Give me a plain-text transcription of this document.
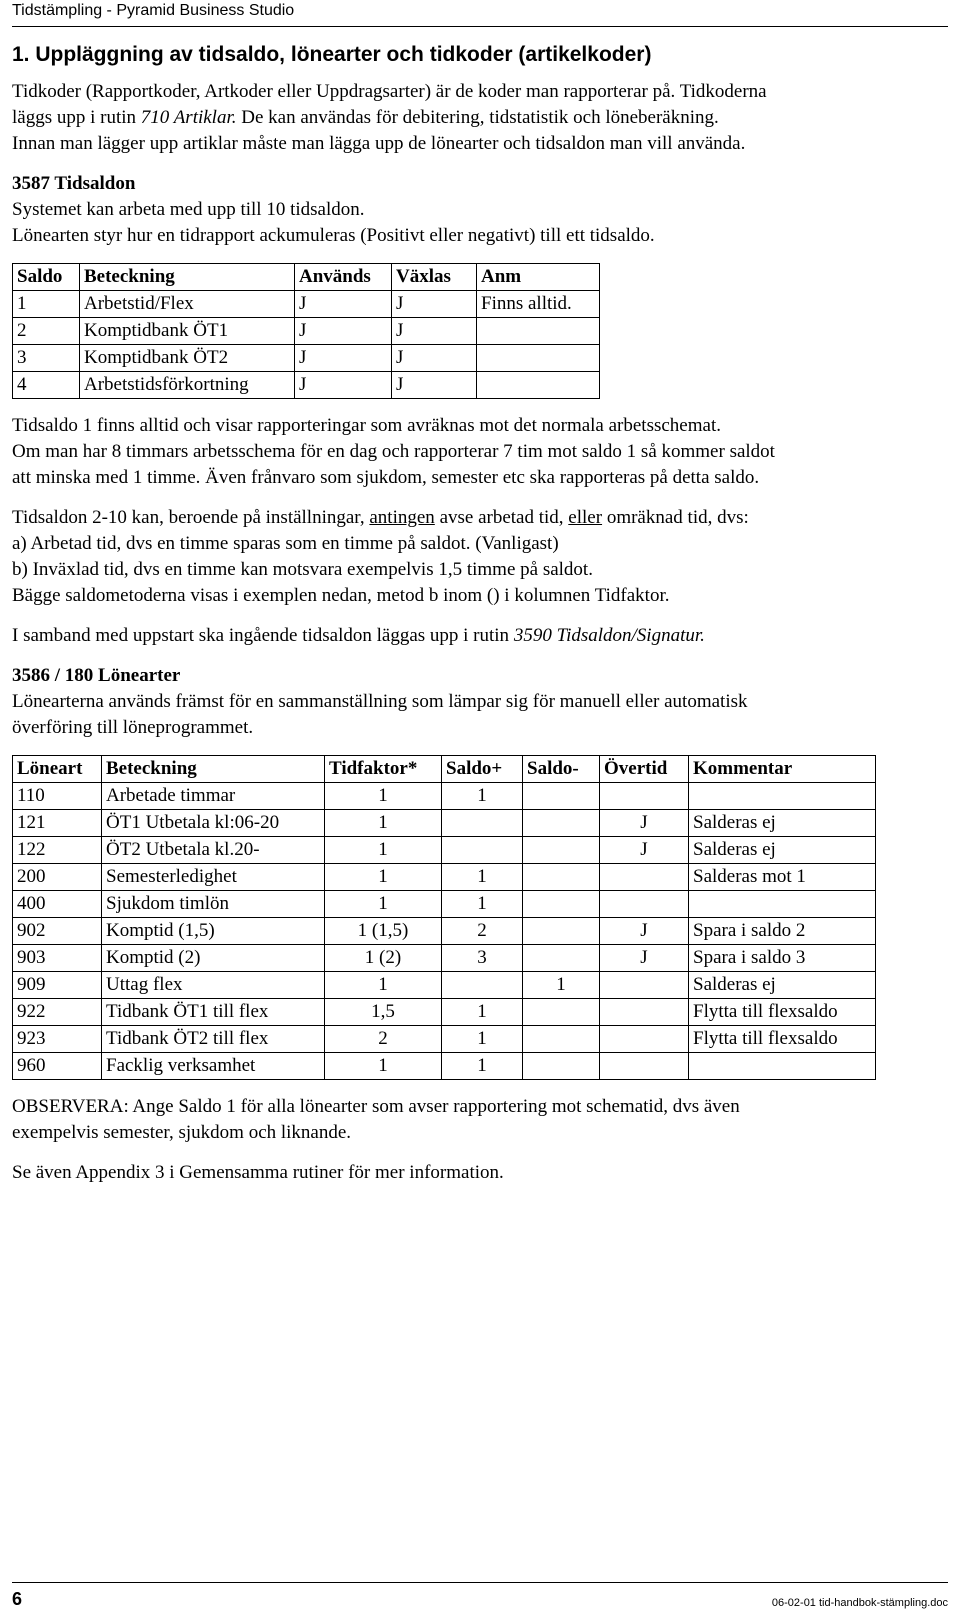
Tidstämpling - Pyramid Business Studio
1. Uppläggning av tidsaldo, lönearter och tidkoder (artikelkoder)
Tidkoder (Rapportkoder, Artkoder eller Uppdragsarter) är de koder man rapporterar på. Tidkoderna
läggs upp i rutin 710 Artiklar. De kan användas för debitering, tidstatistik och löneberäkning.
Innan man lägger upp artiklar måste man lägga upp de lönearter och tidsaldon man vill använda.
3587 Tidsaldon
Systemet kan arbeta med upp till 10 tidsaldon.
Lönearten styr hur en tidrapport ackumuleras (Positivt eller negativt) till ett tidsaldo.
Saldo	Beteckning	Används	Växlas	Anm
1	Arbetstid/Flex	J	J	Finns alltid.
2	Komptidbank ÖT1	J	J	
3	Komptidbank ÖT2	J	J	
4	Arbetstidsförkortning	J	J	
Tidsaldo 1 finns alltid och visar rapporteringar som avräknas mot det normala arbetsschemat.
Om man har 8 timmars arbetsschema för en dag och rapporterar 7 tim mot saldo 1 så kommer saldot
att minska med 1 timme. Även frånvaro som sjukdom, semester etc ska rapporteras på detta saldo.
Tidsaldon 2-10 kan, beroende på inställningar, antingen avse arbetad tid, eller omräknad tid, dvs:
a) Arbetad tid, dvs en timme sparas som en timme på saldot. (Vanligast)
b) Inväxlad tid, dvs en timme kan motsvara exempelvis 1,5 timme på saldot.
Bägge saldometoderna visas i exemplen nedan, metod b inom () i kolumnen Tidfaktor.
I samband med uppstart ska ingående tidsaldon läggas upp i rutin 3590 Tidsaldon/Signatur.
3586 / 180 Lönearter
Lönearterna används främst för en sammanställning som lämpar sig för manuell eller automatisk
överföring till löneprogrammet.
Löneart	Beteckning	Tidfaktor*	Saldo+	Saldo-	Övertid	Kommentar
110	Arbetade timmar	1	1			
121	ÖT1 Utbetala kl:06-20	1			J	Salderas ej
122	ÖT2 Utbetala kl.20-	1			J	Salderas ej
200	Semesterledighet	1	1			Salderas mot 1
400	Sjukdom timlön	1	1			
902	Komptid (1,5)	1 (1,5)	2		J	Spara i saldo 2
903	Komptid (2)	1 (2)	3		J	Spara i saldo 3
909	Uttag flex	1		1		Salderas ej
922	Tidbank ÖT1 till flex	1,5	1			Flytta till flexsaldo
923	Tidbank ÖT2 till flex	2	1			Flytta till flexsaldo
960	Facklig verksamhet	1	1			
OBSERVERA: Ange Saldo 1 för alla lönearter som avser rapportering mot schematid, dvs även
exempelvis semester, sjukdom och liknande.
Se även Appendix 3 i Gemensamma rutiner för mer information.
6	06-02-01 tid-handbok-stämpling.doc
